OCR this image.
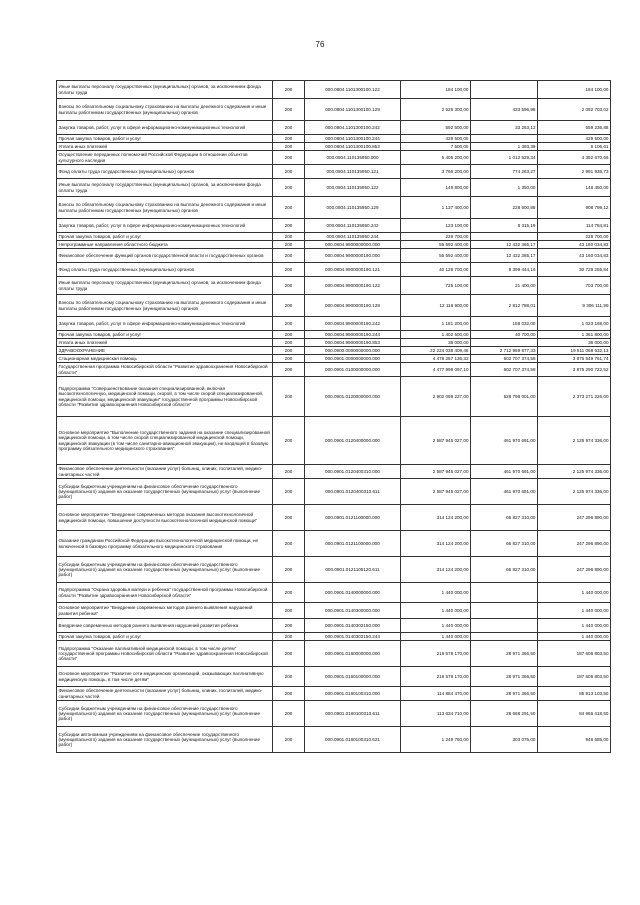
76
Иные выплаты персоналу государственных (муниципальных) органов, за исключением фонда оплаты труда	200	000.0804.1101300100.122	184 100,00		184 100,00
Взносы по обязательному социальному страхованию на выплаты денежного содержания и иные выплаты работникам государственных (муниципальных) органов	200	000.0804.1101300100.129	2 526 300,00	433 596,98	2 092 703,02
Закупка товаров, работ, услуг в сфере информационно-коммуникационных технологий	200	000.0804.1101300100.242	592 500,00	33 263,12	559 236,88
Прочая закупка товаров, работ и услуг	200	000.0804.1101300100.244	429 500,00		429 500,00
Уплата иных платежей	200	000.0804.1101300100.853	7 500,00	1 393,39	6 106,61
Осуществление переданных полномочий Российской Федерации в отношении объектов культурного наследия	200	000.0804.110135950.000	5 405 200,00	1 012 529,34	4 392 670,66
Фонд оплаты труда государственных (муниципальных) органов	200	000.0804.110135950.121	3 766 200,00	774 263,27	2 991 936,73
Иные выплаты персоналу государственных (муниципальных) органов, за исключением фонда оплаты труда	200	000.0804.110135950.122	149 800,00	1 350,00	148 450,00
Взносы по обязательному социальному страхованию на выплаты денежного содержания и иные выплаты работникам государственных (муниципальных) органов	200	000.0804.110135950.129	1 137 400,00	228 600,88	908 799,12
Закупка товаров, работ, услуг в сфере информационно-коммуникационных технологий	200	000.0804.110135950.242	123 100,00	8 315,19	114 784,81
Прочая закупка товаров, работ и услуг	200	000.0804.110135950.244	228 700,00		228 700,00
Непрограммные направления областного бюджета	200	000.0804.9900000000.000	55 592 400,00	12 432 365,17	43 160 034,83
Финансовое обеспечение функций органов государственной власти и государственных органов	200	000.0804.9900000190.000	55 592 400,00	12 432 365,17	43 160 034,83
Фонд оплаты труда государственных (муниципальных) органов	200	000.0804.9900000190.121	40 128 700,00	9 399 444,16	30 729 255,84
Иные выплаты персоналу государственных (муниципальных) органов, за исключением фонда оплаты труда	200	000.0804.9900000190.122	725 100,00	21 400,00	703 700,00
Взносы по обязательному социальному страхованию на выплаты денежного содержания и иные выплаты работникам государственных (муниципальных) органов	200	000.0804.9900000190.129	12 118 900,00	2 812 788,01	9 306 111,99
Закупка товаров, работ, услуг в сфере информационно-коммуникационных технологий	200	000.0804.9900000190.242	1 181 200,00	158 032,00	1 023 168,00
Прочая закупка товаров, работ и услуг	200	000.0804.9900000190.244	1 402 500,00	40 700,00	1 361 800,00
Уплата иных платежей	200	000.0804.9900000190.853	36 000,00		36 000,00
ЗДРАВООХРАНЕНИЕ	200	000.0900.0000000000.000	22 224 038 409,46	2 712 969 877,33	19 511 068 532,13
Стационарная медицинская помощь	200	000.0901.0000000000.000	4 478 257 136,32	602 707 374,58	3 875 549 761,74
Государственная программа Новосибирской области "Развитие здравоохранения Новосибирской области"	200	000.0901.0100000000.000	4 477 998 097,10	602 707 374,58	3 875 290 722,52
Подпрограмма "Совершенствование оказания специализированной, включая высокотехнологичную, медицинской помощи, скорой, в том числе скорой специализированной, медицинской помощи, медицинской эвакуации" государственной программы Новосибирской области "Развитие здравоохранения Новосибирской области"	200	000.0901.0120000000.000	2 902 069 227,00	528 798 001,00	2 373 271 226,00
Основное мероприятие "Выполнение государственного задания на оказание специализированной медицинской помощи, в том числе скорой специализированной медицинской помощи, медицинской эвакуации (в том числе санитарно-авиационной эвакуации), не входящей в базовую программу обязательного медицинского страхования"	200	000.0901.0120400000.000	2 587 945 027,00	461 970 691,00	2 125 974 336,00
Финансовое обеспечение деятельности (оказание услуг) больниц, клиник, госпиталей, медико-санитарных частей	200	000.0901.0120400310.000	2 587 945 027,00	461 970 691,00	2 125 974 336,00
Субсидии бюджетным учреждениям на финансовое обеспечение государственного (муниципального) задания на оказание государственных (муниципальных) услуг (выполнение работ)	200	000.0901.0120400310.611	2 587 945 027,00	461 970 691,00	2 125 974 336,00
Основное мероприятие "Внедрение современных методов оказания высокотехнологичной медицинской помощи, повышение доступности высокотехнологичной медицинской помощи"	200	000.0901.0121100000.000	314 124 200,00	66 827 310,00	247 296 890,00
Оказание гражданам Российской Федерации высокотехнологичной медицинской помощи, не включенной в базовую программу обязательного медицинского страхования	200	000.0901.0121100000.000	314 124 200,00	66 827 310,00	247 296 890,00
Субсидии бюджетным учреждениям на финансовое обеспечение государственного (муниципального) задания на оказание государственных (муниципальных) услуг (выполнение работ)	200	000.0901.0121105120.611	314 124 200,00	66 827 310,00	247 296 890,00
Подпрограмма "Охрана здоровья матери и ребенка" государственной программы Новосибирской области "Развитие здравоохранения Новосибирской области"	200	000.0901.0140000000.000	1 440 000,00		1 440 000,00
Основное мероприятие "Внедрение современных методов раннего выявления нарушений развития ребенка"	200	000.0901.0140300000.000	1 440 000,00		1 440 000,00
Внедрение современных методов раннего выявления нарушений развития ребенка	200	000.0901.0140303150.000	1 440 000,00		1 440 000,00
Прочая закупка товаров, работ и услуг	200	000.0901.0140303150.244	1 440 000,00		1 440 000,00
Подпрограмма "Оказание паллиативной медицинской помощи, в том числе детям" государственной программы Новосибирской области "Развитие здравоохранения Новосибирской области"	200	000.0901.0160000000.000	216 578 170,00	28 971 366,50	187 606 803,50
Основное мероприятие "Развитие сети медицинских организаций, оказывающих паллиативную медицинскую помощь, в том числе детям"	200	000.0901.0160100000.000	216 578 170,00	28 971 366,50	187 606 803,50
Финансовое обеспечение деятельности (оказание услуг) больниц, клиник, госпиталей, медико-санитарных частей	200	000.0901.0160100310.000	114 884 470,00	28 971 366,50	85 913 103,50
Субсидии бюджетным учреждениям на финансовое обеспечение государственного (муниципального) задания на оказание государственных (муниципальных) услуг (выполнение работ)	200	000.0901.0160100310.611	113 634 710,00	28 668 291,50	84 966 418,50
Субсидии автономным учреждениям на финансовое обеспечение государственного (муниципального) задания на оказание государственных (муниципальных) услуг (выполнение работ)	200	000.0901.0160100310.621	1 249 760,00	303 075,00	946 685,00
